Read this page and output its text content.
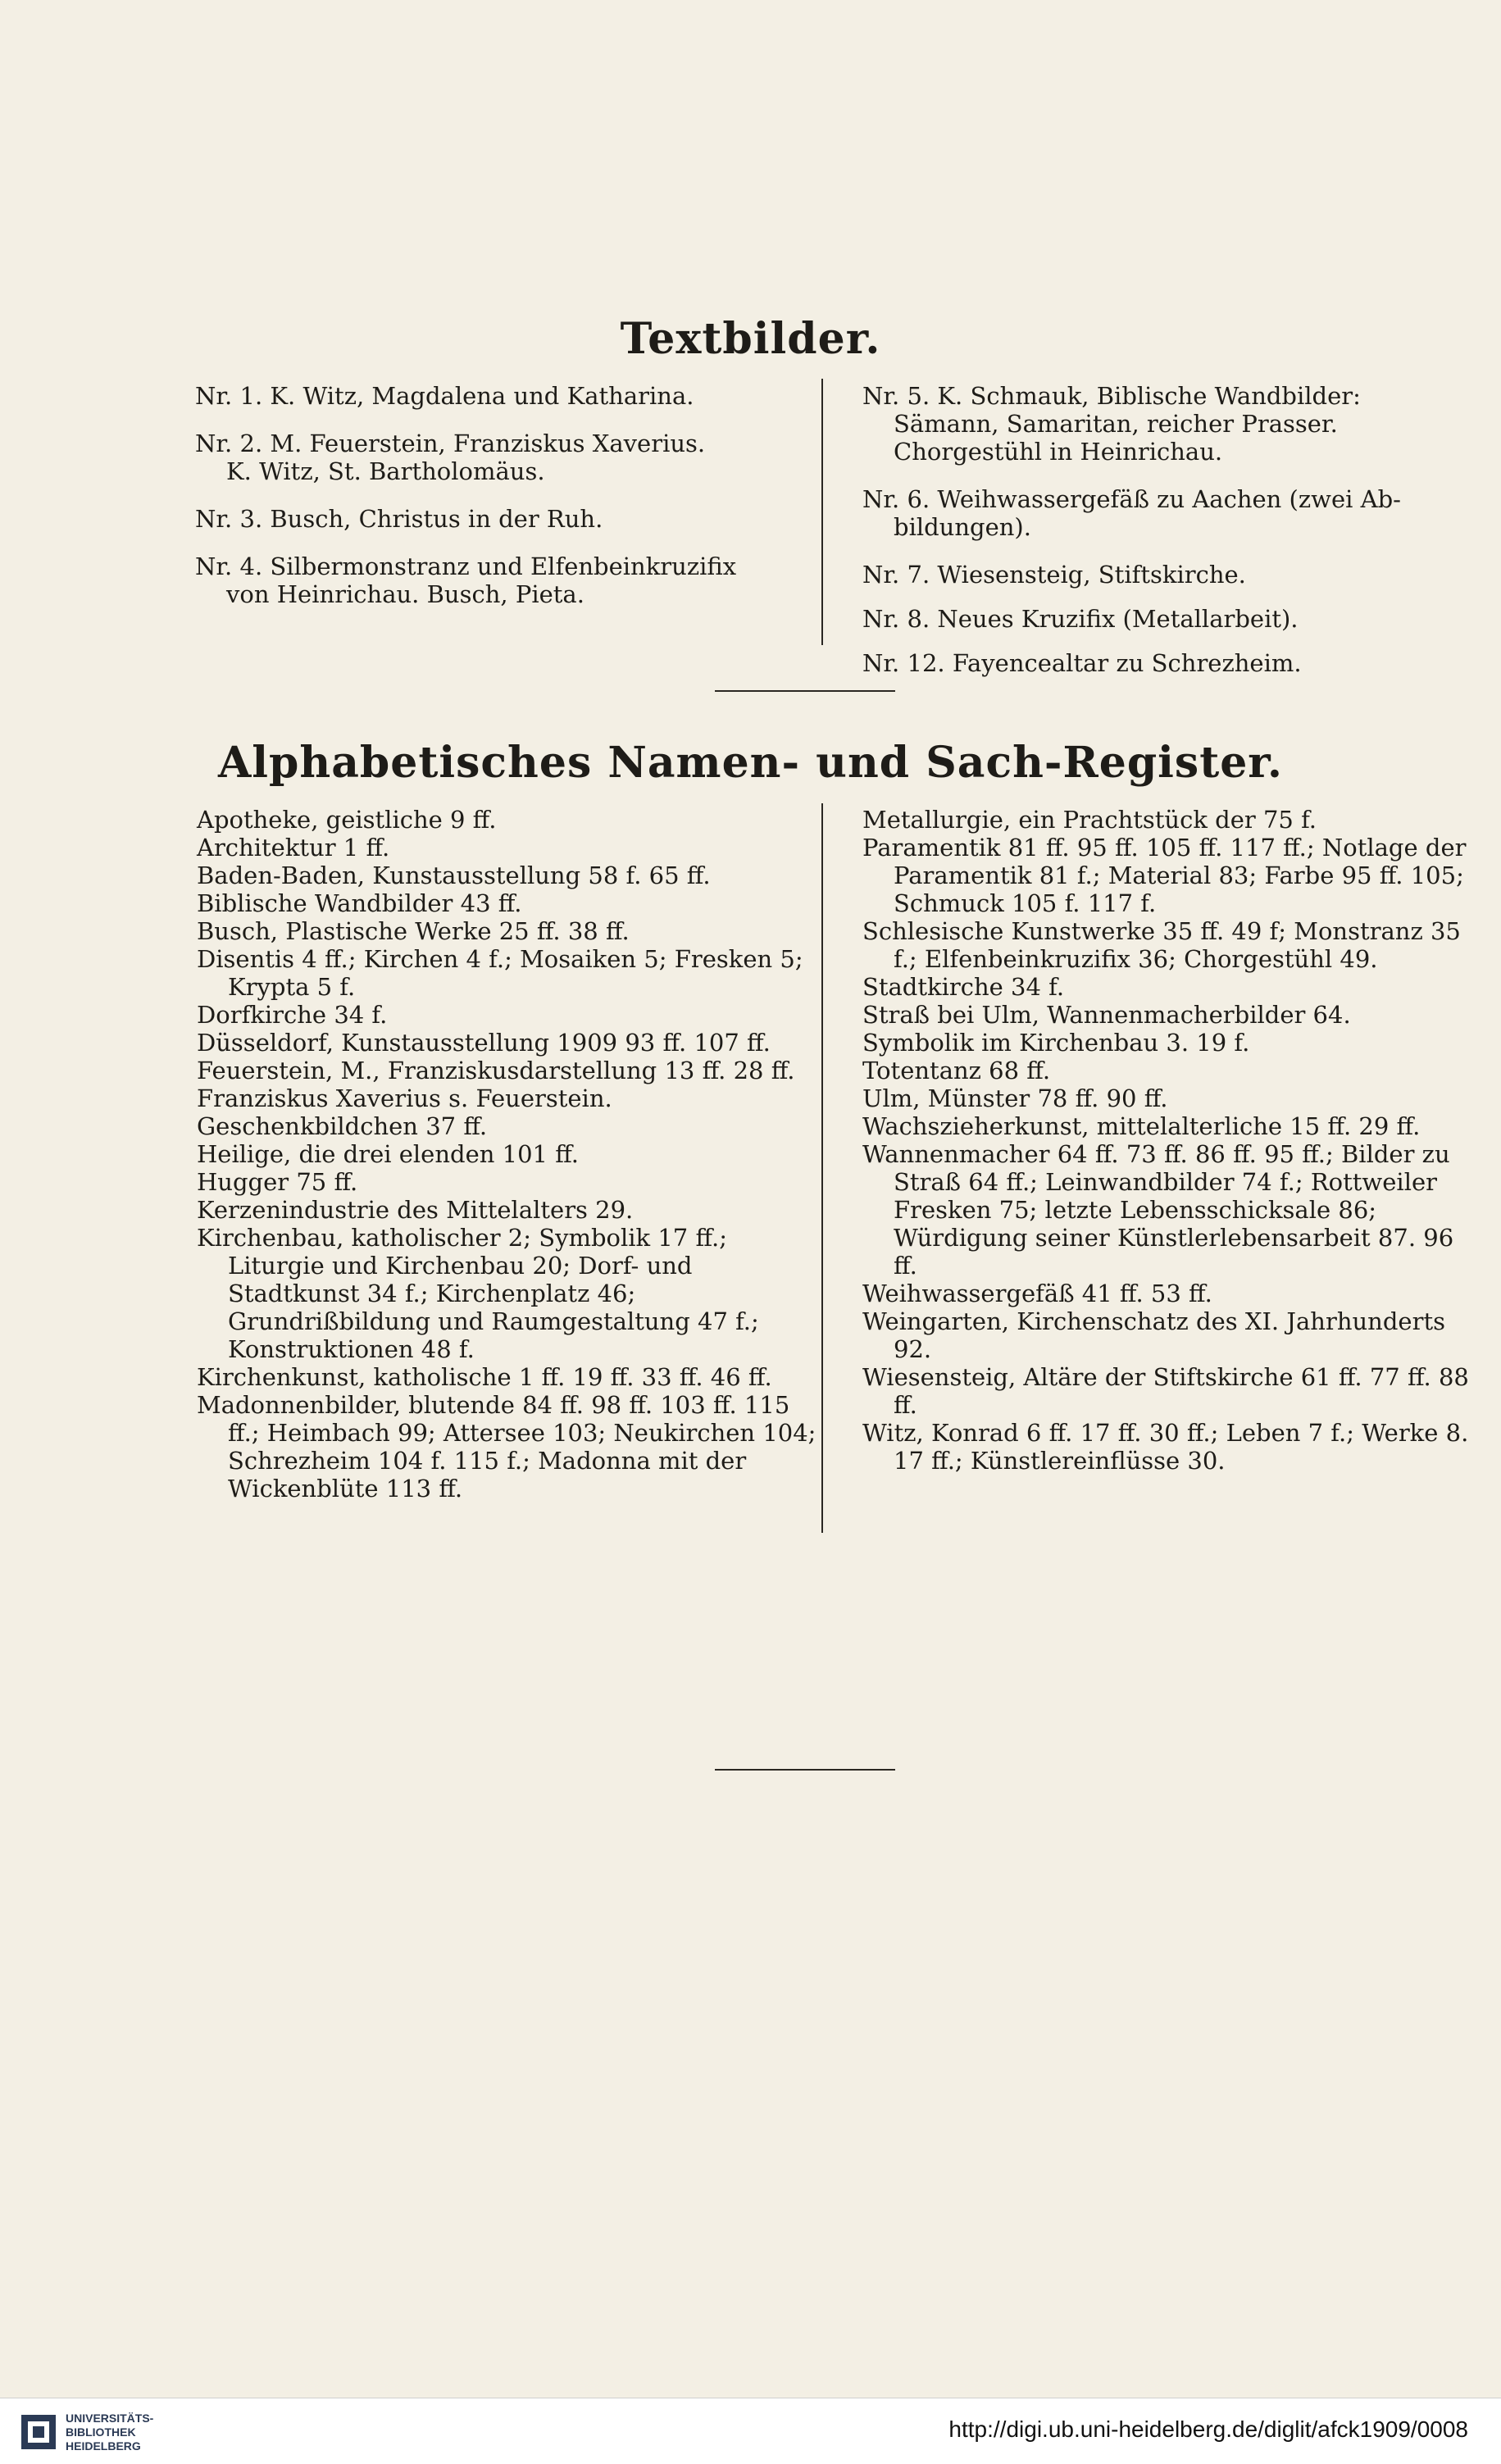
Textbilder.
Nr. 1. K. Witz, Magdalena und Katharina.
Nr. 2. M. Feuerstein, Franziskus Xaverius.
K. Witz, St. Bartholomäus.
Nr. 3. Busch, Christus in der Ruh.
Nr. 4. Silbermonstranz und Elfenbeinkruzifix
von Heinrichau. Busch, Pieta.
Nr. 5. K. Schmauk, Biblische Wandbilder:
Sämann, Samaritan, reicher Prasser.
Chorgestühl in Heinrichau.
Nr. 6. Weihwassergefäß zu Aachen (zwei Ab-
bildungen).
Nr. 7. Wiesensteig, Stiftskirche.
Nr. 8. Neues Kruzifix (Metallarbeit).
Nr. 12. Fayencealtar zu Schrezheim.
Alphabetisches Namen- und Sach-Register.
Apotheke, geistliche 9 ff.
Architektur 1 ff.
Baden-Baden, Kunstausstellung 58 f. 65 ff.
Biblische Wandbilder 43 ff.
Busch, Plastische Werke 25 ff. 38 ff.
Disentis 4 ff.; Kirchen 4 f.; Mosaiken 5; Fresken 5; Krypta 5 f.
Dorfkirche 34 f.
Düsseldorf, Kunstausstellung 1909 93 ff. 107 ff.
Feuerstein, M., Franziskusdarstellung 13 ff. 28 ff.
Franziskus Xaverius s. Feuerstein.
Geschenkbildchen 37 ff.
Heilige, die drei elenden 101 ff.
Hugger 75 ff.
Kerzenindustrie des Mittelalters 29.
Kirchenbau, katholischer 2; Symbolik 17 ff.; Liturgie und Kirchenbau 20; Dorf- und Stadtkunst 34 f.; Kirchenplatz 46; Grundrißbildung und Raumgestaltung 47 f.; Konstruktionen 48 f.
Kirchenkunst, katholische 1 ff. 19 ff. 33 ff. 46 ff.
Madonnenbilder, blutende 84 ff. 98 ff. 103 ff. 115 ff.; Heimbach 99; Attersee 103; Neukirchen 104; Schrezheim 104 f. 115 f.; Madonna mit der Wickenblüte 113 ff.
Metallurgie, ein Prachtstück der 75 f.
Paramentik 81 ff. 95 ff. 105 ff. 117 ff.; Notlage der Paramentik 81 f.; Material 83; Farbe 95 ff. 105; Schmuck 105 f. 117 f.
Schlesische Kunstwerke 35 ff. 49 f; Monstranz 35 f.; Elfenbeinkruzifix 36; Chorgestühl 49.
Stadtkirche 34 f.
Straß bei Ulm, Wannenmacherbilder 64.
Symbolik im Kirchenbau 3. 19 f.
Totentanz 68 ff.
Ulm, Münster 78 ff. 90 ff.
Wachszieherkunst, mittelalterliche 15 ff. 29 ff.
Wannenmacher 64 ff. 73 ff. 86 ff. 95 ff.; Bilder zu Straß 64 ff.; Leinwandbilder 74 f.; Rottweiler Fresken 75; letzte Lebensschicksale 86; Würdigung seiner Künstlerlebensarbeit 87. 96 ff.
Weihwassergefäß 41 ff. 53 ff.
Weingarten, Kirchenschatz des XI. Jahrhunderts 92.
Wiesensteig, Altäre der Stiftskirche 61 ff. 77 ff. 88 ff.
Witz, Konrad 6 ff. 17 ff. 30 ff.; Leben 7 f.; Werke 8. 17 ff.; Künstlereinflüsse 30.
UNIVERSITÄTS-
BIBLIOTHEK
HEIDELBERG
http://digi.ub.uni-heidelberg.de/diglit/afck1909/0008
